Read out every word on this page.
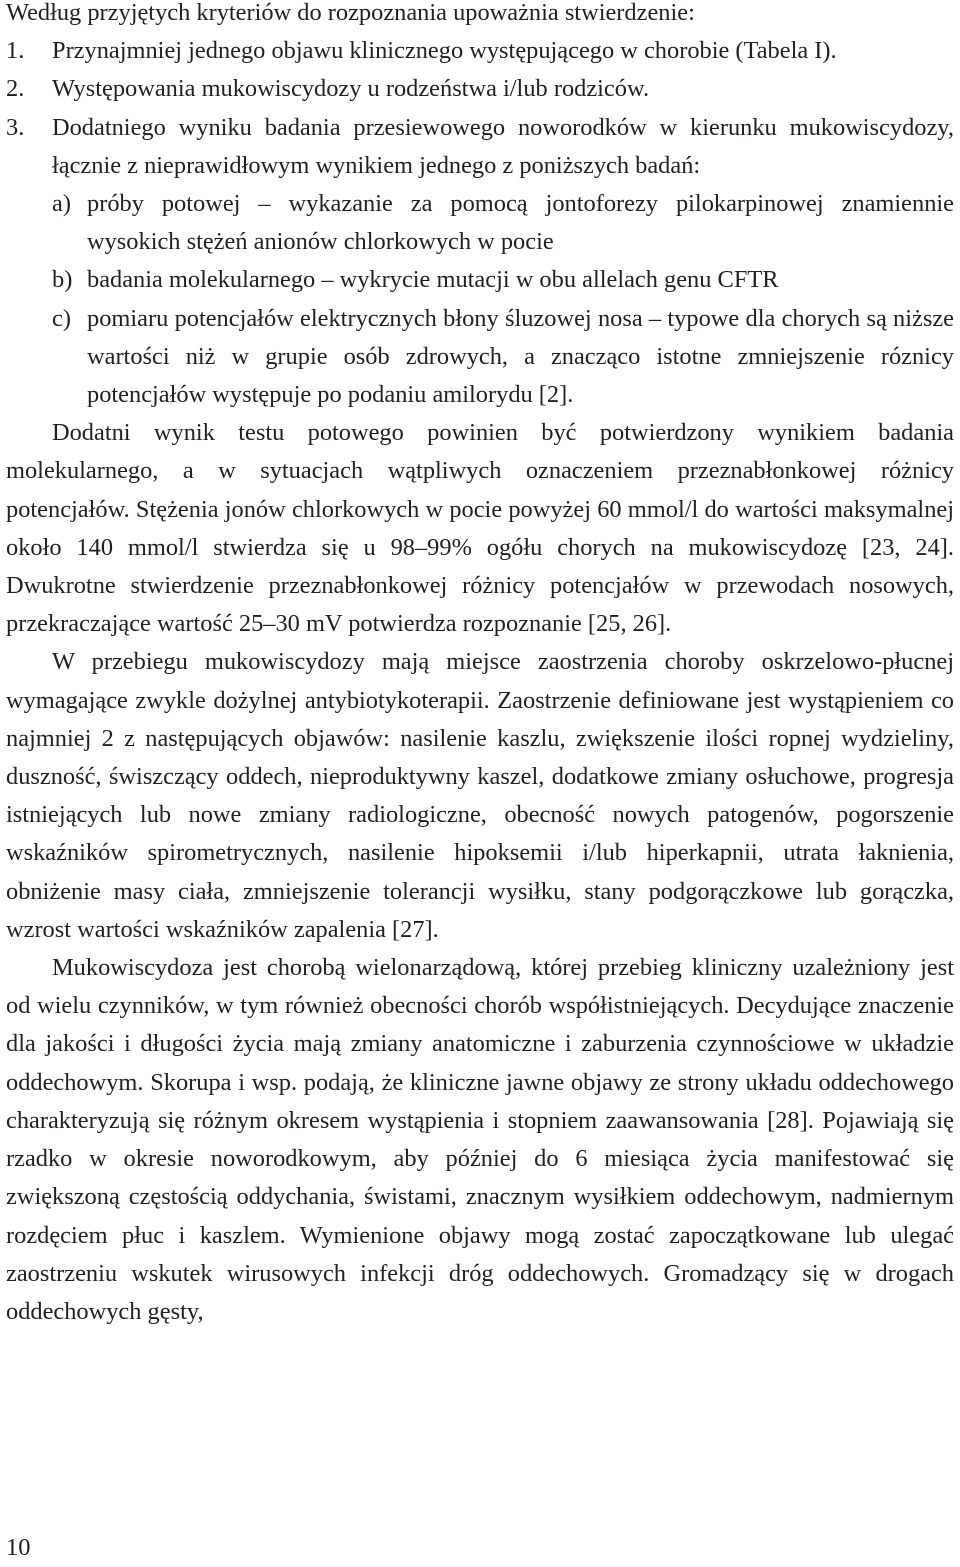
Według przyjętych kryteriów do rozpoznania upoważnia stwierdzenie:

1. Przynajmniej jednego objawu klinicznego występującego w chorobie (Tabela I).
2. Występowania mukowiscydozy u rodzeństwa i/lub rodziców.
3. Dodatniego wyniku badania przesiewowego noworodków w kierunku mukowiscydozy, łącznie z nieprawidłowym wynikiem jednego z poniższych badań:
a) próby potowej – wykazanie za pomocą jontoforezy pilokarpinowej znamiennie wysokich stężeń anionów chlorkowych w pocie
b) badania molekularnego – wykrycie mutacji w obu allelach genu CFTR
c) pomiaru potencjałów elektrycznych błony śluzowej nosa – typowe dla chorych są niższe wartości niż w grupie osób zdrowych, a znacząco istotne zmniejszenie róznicy potencjałów występuje po podaniu amilorydu [2].

Dodatni wynik testu potowego powinien być potwierdzony wynikiem badania molekularnego, a w sytuacjach wątpliwych oznaczeniem przeznabłonkowej różnicy potencjałów. Stężenia jonów chlorkowych w pocie powyżej 60 mmol/l do wartości maksymalnej około 140 mmol/l stwierdza się u 98–99% ogółu chorych na mukowiscydozę [23, 24]. Dwukrotne stwierdzenie przeznabłonkowej różnicy potencjałów w przewodach nosowych, przekraczające wartość 25–30 mV potwierdza rozpoznanie [25, 26].

W przebiegu mukowiscydozy mają miejsce zaostrzenia choroby oskrzelowo-płucnej wymagające zwykle dożylnej antybiotykoterapii. Zaostrzenie definiowane jest wystąpieniem co najmniej 2 z następujących objawów: nasilenie kaszlu, zwiększenie ilości ropnej wydzieliny, duszność, świszczący oddech, nieproduktywny kaszel, dodatkowe zmiany osłuchowe, progresja istniejących lub nowe zmiany radiologiczne, obecność nowych patogenów, pogorszenie wskaźników spirometrycznych, nasilenie hipoksemii i/lub hiperkapnii, utrata łaknienia, obniżenie masy ciała, zmniejszenie tolerancji wysiłku, stany podgorączkowe lub gorączka, wzrost wartości wskaźników zapalenia [27].

Mukowiscydoza jest chorobą wielonarządową, której przebieg kliniczny uzależniony jest od wielu czynników, w tym również obecności chorób współistniejących. Decydujące znaczenie dla jakości i długości życia mają zmiany anatomiczne i zaburzenia czynnościowe w układzie oddechowym. Skorupa i wsp. podają, że kliniczne jawne objawy ze strony układu oddechowego charakteryzują się różnym okresem wystąpienia i stopniem zaawansowania [28]. Pojawiają się rzadko w okresie noworodkowym, aby później do 6 miesiąca życia manifestować się zwiększoną częstością oddychania, świstami, znacznym wysiłkiem oddechowym, nadmiernym rozdęciem płuc i kaszlem. Wymienione objawy mogą zostać zapoczątkowane lub ulegać zaostrzeniu wskutek wirusowych infekcji dróg oddechowych. Gromadzący się w drogach oddechowych gęsty,

10
